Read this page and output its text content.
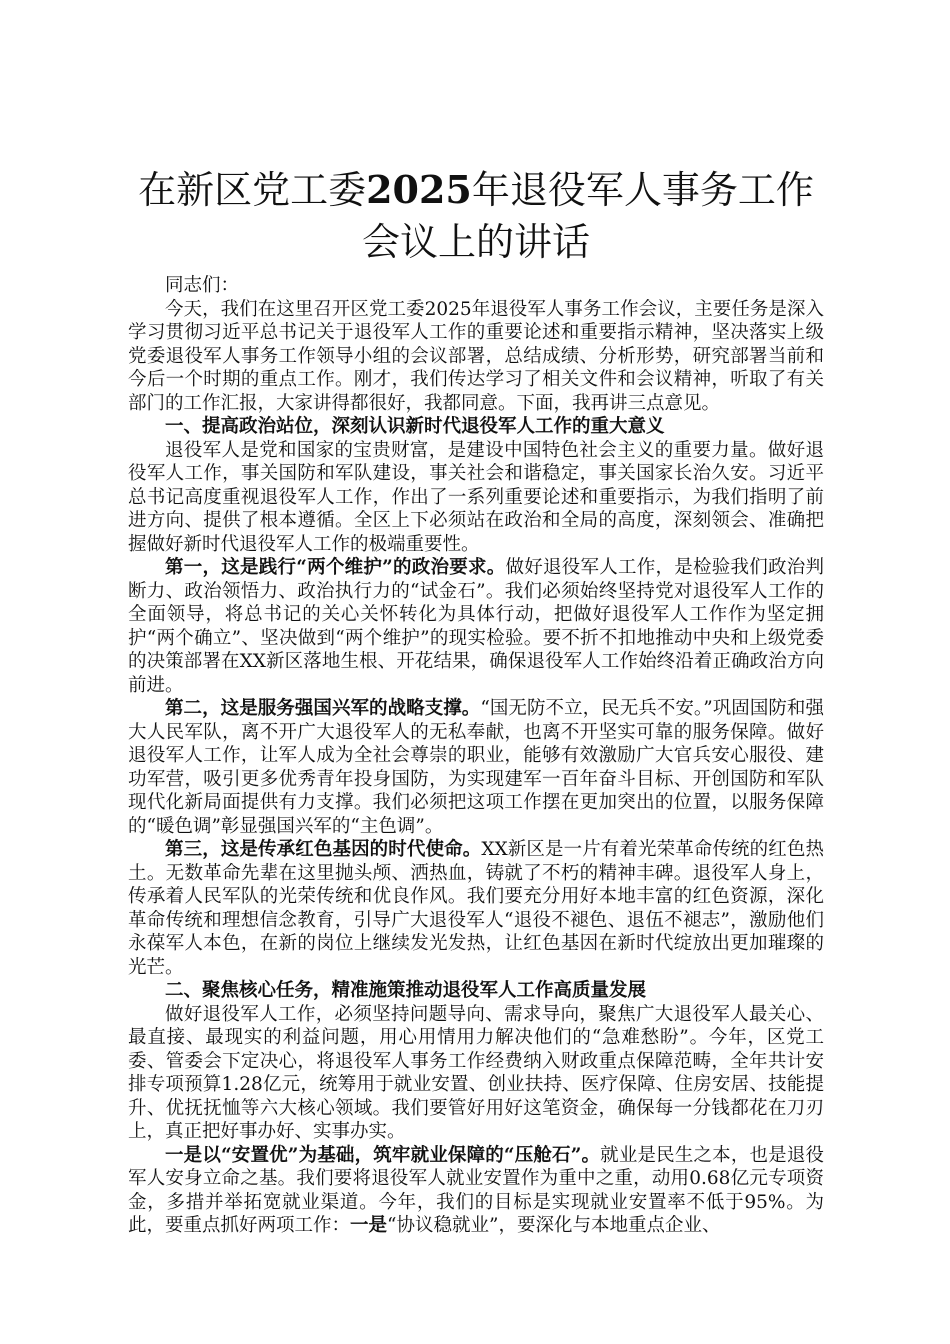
在新区党工委2025年退役军人事务工作会议上的讲话

同志们：

今天，我们在这里召开区党工委2025年退役军人事务工作会议，主要任务是深入学习贯彻习近平总书记关于退役军人工作的重要论述和重要指示精神，坚决落实上级党委退役军人事务工作领导小组的会议部署，总结成绩、分析形势，研究部署当前和今后一个时期的重点工作。刚才，我们传达学习了相关文件和会议精神，听取了有关部门的工作汇报，大家讲得都很好，我都同意。下面，我再讲三点意见。

一、提高政治站位，深刻认识新时代退役军人工作的重大意义

退役军人是党和国家的宝贵财富，是建设中国特色社会主义的重要力量。做好退役军人工作，事关国防和军队建设，事关社会和谐稳定，事关国家长治久安。习近平总书记高度重视退役军人工作，作出了一系列重要论述和重要指示，为我们指明了前进方向、提供了根本遵循。全区上下必须站在政治和全局的高度，深刻领会、准确把握做好新时代退役军人工作的极端重要性。

第一，这是践行“两个维护”的政治要求。做好退役军人工作，是检验我们政治判断力、政治领悟力、政治执行力的“试金石”。我们必须始终坚持党对退役军人工作的全面领导，将总书记的关心关怀转化为具体行动，把做好退役军人工作作为坚定拥护“两个确立”、坚决做到“两个维护”的现实检验。要不折不扣地推动中央和上级党委的决策部署在XX新区落地生根、开花结果，确保退役军人工作始终沿着正确政治方向前进。

第二，这是服务强国兴军的战略支撑。“国无防不立，民无兵不安。”巩固国防和强大人民军队，离不开广大退役军人的无私奉献，也离不开坚实可靠的服务保障。做好退役军人工作，让军人成为全社会尊崇的职业，能够有效激励广大官兵安心服役、建功军营，吸引更多优秀青年投身国防，为实现建军一百年奋斗目标、开创国防和军队现代化新局面提供有力支撑。我们必须把这项工作摆在更加突出的位置，以服务保障的“暖色调”彰显强国兴军的“主色调”。

第三，这是传承红色基因的时代使命。XX新区是一片有着光荣革命传统的红色热土。无数革命先辈在这里抛头颅、洒热血，铸就了不朽的精神丰碑。退役军人身上，传承着人民军队的光荣传统和优良作风。我们要充分用好本地丰富的红色资源，深化革命传统和理想信念教育，引导广大退役军人“退役不褪色、退伍不褪志”，激励他们永葆军人本色，在新的岗位上继续发光发热，让红色基因在新时代绽放出更加璀璨的光芒。

二、聚焦核心任务，精准施策推动退役军人工作高质量发展

做好退役军人工作，必须坚持问题导向、需求导向，聚焦广大退役军人最关心、最直接、最现实的利益问题，用心用情用力解决他们的“急难愁盼”。今年，区党工委、管委会下定决心，将退役军人事务工作经费纳入财政重点保障范畴，全年共计安排专项预算1.28亿元，统筹用于就业安置、创业扶持、医疗保障、住房安居、技能提升、优抚抚恤等六大核心领域。我们要管好用好这笔资金，确保每一分钱都花在刀刃上，真正把好事办好、实事办实。

一是以“安置优”为基础，筑牢就业保障的“压舱石”。就业是民生之本，也是退役军人安身立命之基。我们要将退役军人就业安置作为重中之重，动用0.68亿元专项资金，多措并举拓宽就业渠道。今年，我们的目标是实现就业安置率不低于95%。为此，要重点抓好两项工作：一是“协议稳就业”，要深化与本地重点企业、
